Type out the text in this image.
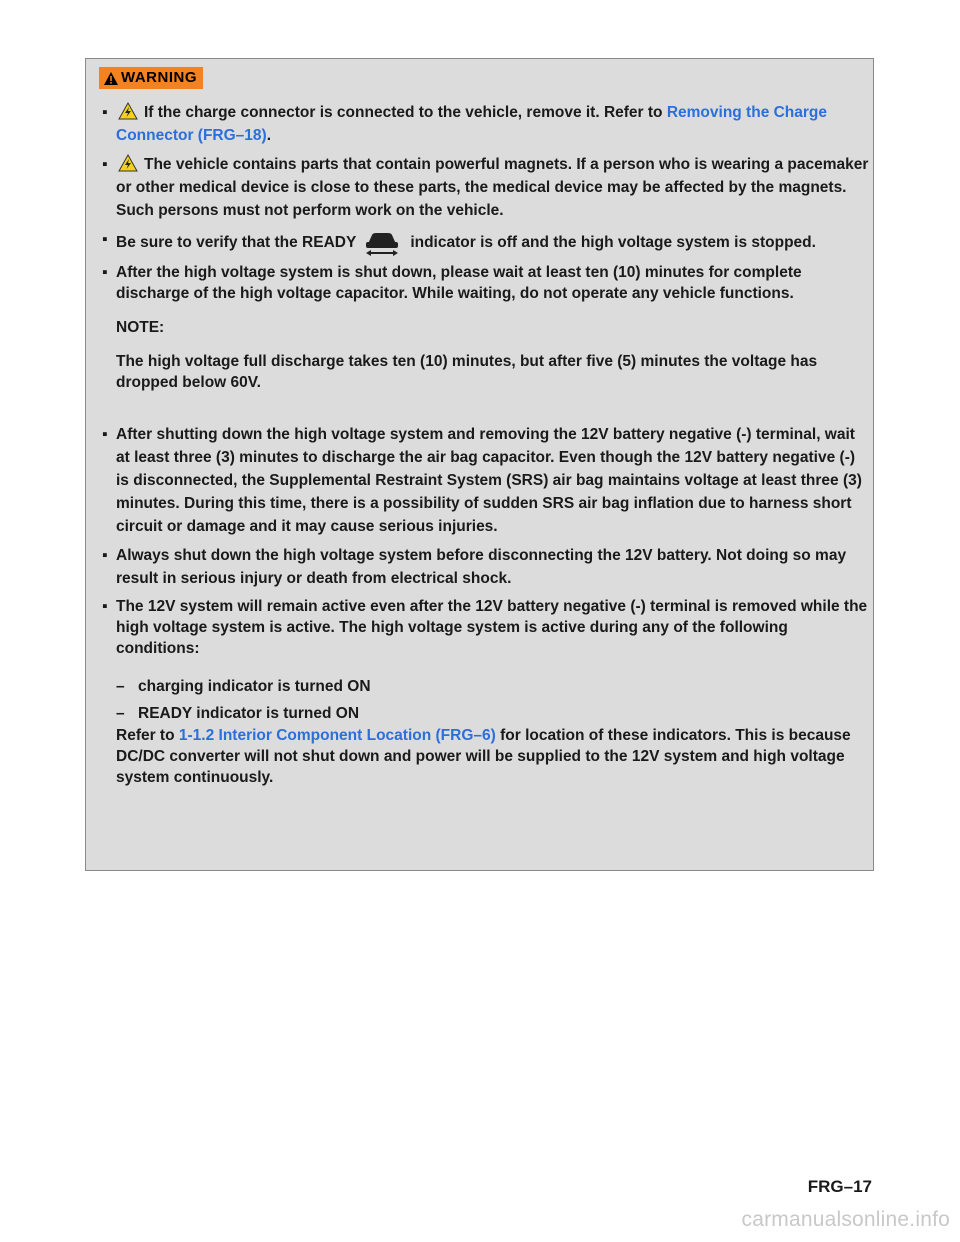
WARNING
▪ If the charge connector is connected to the vehicle, remove it. Refer to Removing the Charge Connector (FRG–18).
▪ The vehicle contains parts that contain powerful magnets. If a person who is wearing a pacemaker or other medical device is close to these parts, the medical device may be affected by the magnets. Such persons must not perform work on the vehicle.
▪ Be sure to verify that the READY	indicator is off and the high voltage system is stopped.
▪ After the high voltage system is shut down, please wait at least ten (10) minutes for complete discharge of the high voltage capacitor. While waiting, do not operate any vehicle functions.
NOTE:
The high voltage full discharge takes ten (10) minutes, but after five (5) minutes the voltage has dropped below 60V.
▪ After shutting down the high voltage system and removing the 12V battery negative (-) terminal, wait at least three (3) minutes to discharge the air bag capacitor. Even though the 12V battery negative (-) is disconnected, the Supplemental Restraint System (SRS) air bag maintains voltage at least three (3) minutes. During this time, there is a possibility of sudden SRS air bag inflation due to harness short circuit or damage and it may cause serious injuries.
▪ Always shut down the high voltage system before disconnecting the 12V battery. Not doing so may result in serious injury or death from electrical shock.
▪ The 12V system will remain active even after the 12V battery negative (-) terminal is removed while the high voltage system is active. The high voltage system is active during any of the following conditions:
– charging indicator is turned ON
– READY indicator is turned ON
Refer to 1-1.2 Interior Component Location (FRG–6) for location of these indicators. This is because DC/DC converter will not shut down and power will be supplied to the 12V system and high voltage system continuously.
FRG–17
carmanualsonline.info
